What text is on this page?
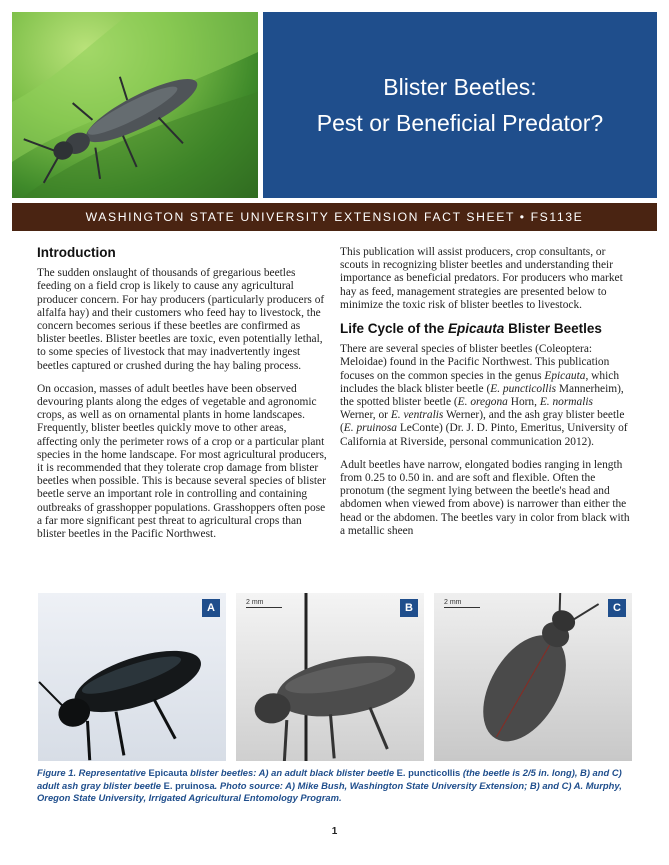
Blister Beetles:
Pest or Beneficial Predator?
WASHINGTON STATE UNIVERSITY EXTENSION FACT SHEET • FS113E
Introduction

The sudden onslaught of thousands of gregarious beetles feeding on a field crop is likely to cause any agricultural producer concern. For hay producers (particularly producers of alfalfa hay) and their customers who feed hay to livestock, the concern becomes serious if these beetles are confirmed as blister beetles. Blister beetles are toxic, even potentially lethal, to some species of livestock that may inadvertently ingest beetles captured or crushed during the hay baling process.

On occasion, masses of adult beetles have been observed devouring plants along the edges of vegetable and agronomic crops, as well as on ornamental plants in home landscapes. Frequently, blister beetles quickly move to other areas, affecting only the perimeter rows of a crop or a particular plant species in the home landscape. For most agricultural producers, it is recommended that they tolerate crop damage from blister beetles when possible. This is because several species of blister beetle serve an important role in controlling and containing outbreaks of grasshopper populations. Grasshoppers often pose a far more significant pest threat to agricultural crops than blister beetles in the Pacific Northwest.

This publication will assist producers, crop consultants, or scouts in recognizing blister beetles and understanding their importance as beneficial predators. For producers who market hay as feed, management strategies are presented below to minimize the toxic risk of blister beetles to livestock.

Life Cycle of the Epicauta Blister Beetles

There are several species of blister beetles (Coleoptera: Meloidae) found in the Pacific Northwest. This publication focuses on the common species in the genus Epicauta, which includes the black blister beetle (E. puncticollis Mannerheim), the spotted blister beetle (E. oregona Horn, E. normalis Werner, or E. ventralis Werner), and the ash gray blister beetle (E. pruinosa LeConte) (Dr. J. D. Pinto, Emeritus, University of California at Riverside, personal communication 2012).

Adult beetles have narrow, elongated bodies ranging in length from 0.25 to 0.50 in. and are soft and flexible. Often the pronotum (the segment lying between the beetle's head and abdomen when viewed from above) is narrower than either the head or the abdomen. The beetles vary in color from black with a metallic sheen

A	2 mm	B	2 mm	C
Figure 1. Representative Epicauta blister beetles: A) an adult black blister beetle E. puncticollis (the beetle is 2/5 in. long), B) and C) adult ash gray blister beetle E. pruinosa. Photo source: A) Mike Bush, Washington State University Extension; B) and C) A. Murphy, Oregon State University, Irrigated Agricultural Entomology Program.
1
